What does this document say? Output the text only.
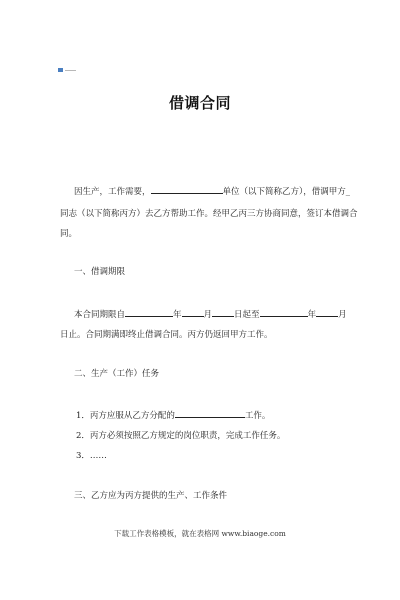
借调合同
因生产，工作需要，	单位（以下简称乙方），借调甲方_
同志（以下简称丙方）去乙方帮助工作。经甲乙丙三方协商同意，签订本借调合
同。
一、借调期限
本合同期限自	年	月	日起至	年	月
日止。合同期满即终止借调合同。丙方仍返回甲方工作。
二、生产（工作）任务
1．丙方应服从乙方分配的	工作。
2．丙方必须按照乙方规定的岗位职责，完成工作任务。
3．……
三、乙方应为丙方提供的生产、工作条件
下载工作表格模板，就在表格网 www.biaoge.com
